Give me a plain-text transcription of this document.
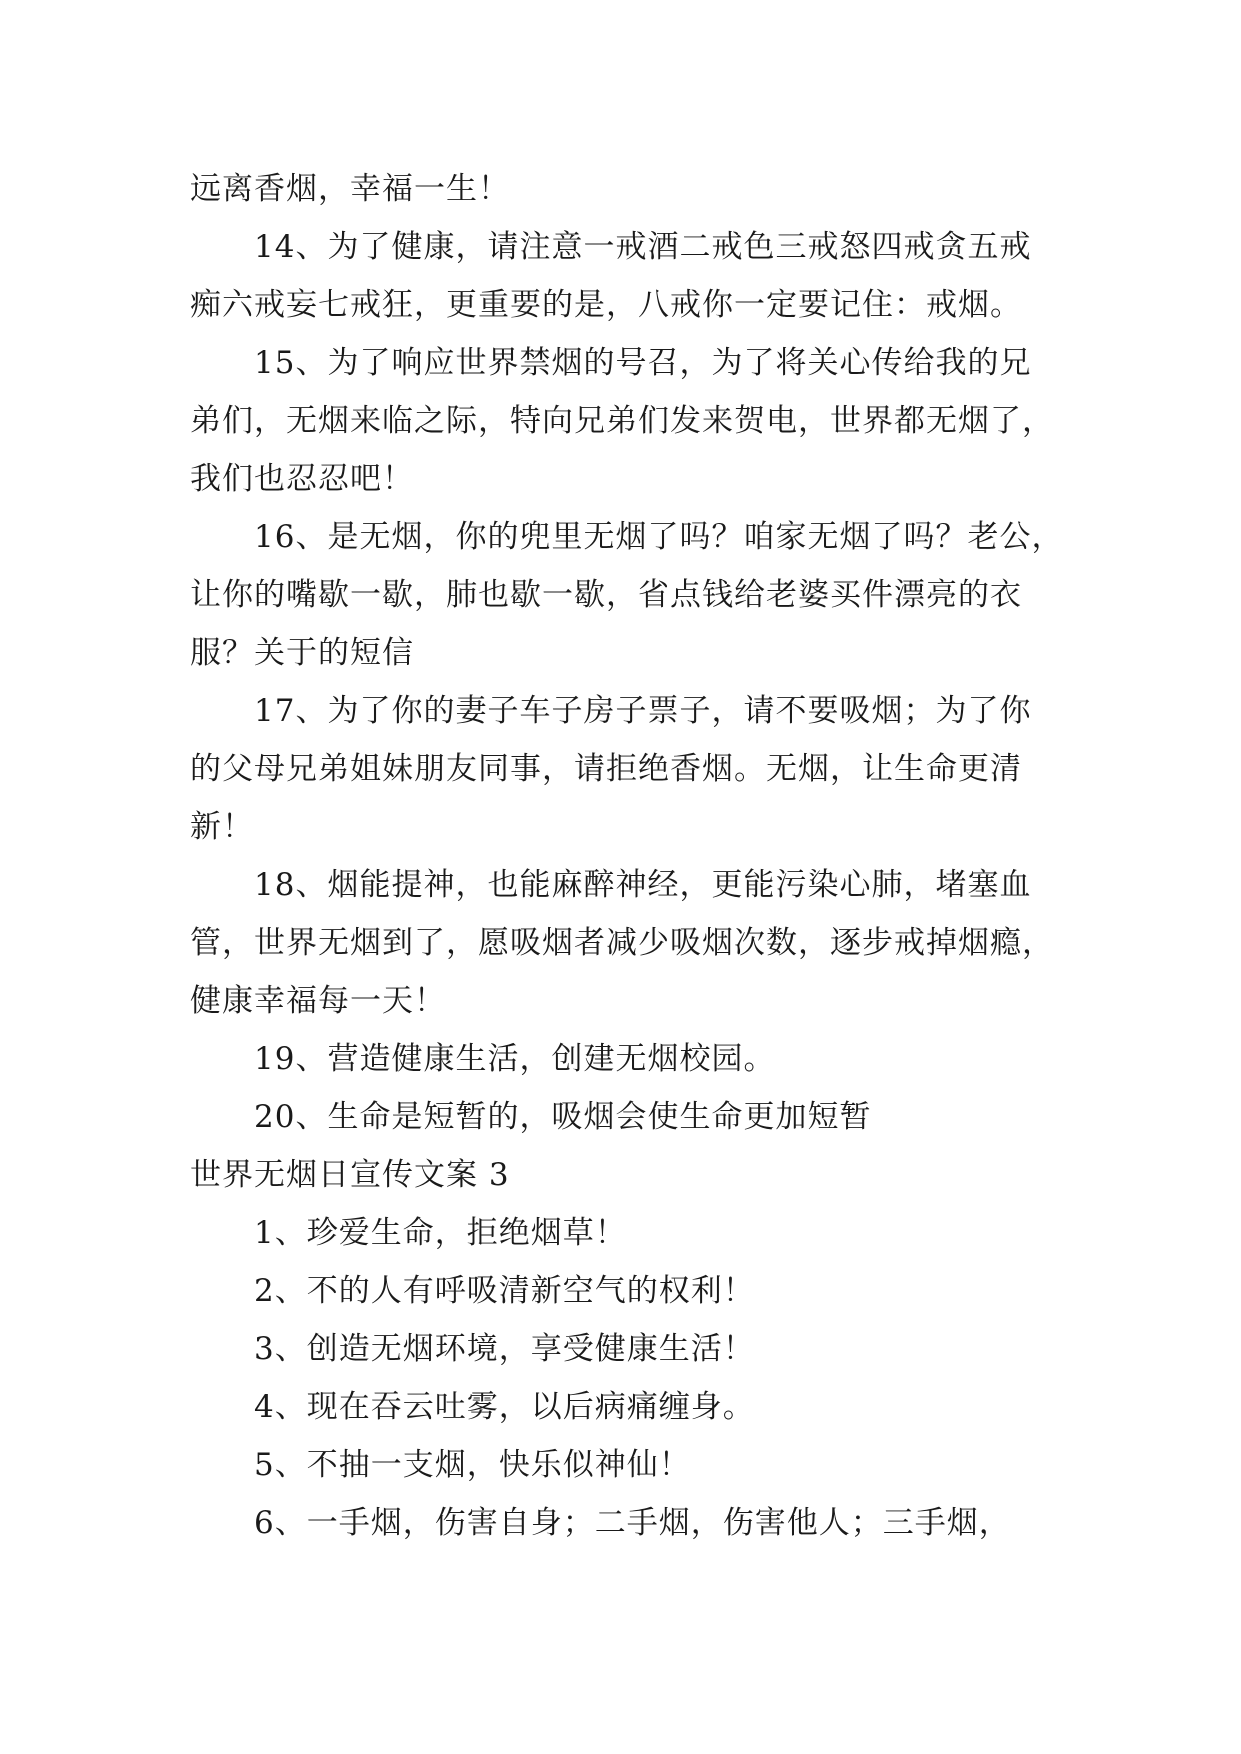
远离香烟，幸福一生！
14、为了健康，请注意一戒酒二戒色三戒怒四戒贪五戒
痴六戒妄七戒狂，更重要的是，八戒你一定要记住：戒烟。
15、为了响应世界禁烟的号召，为了将关心传给我的兄
弟们，无烟来临之际，特向兄弟们发来贺电，世界都无烟了，
我们也忍忍吧！
16、是无烟，你的兜里无烟了吗？咱家无烟了吗？老公，
让你的嘴歇一歇，肺也歇一歇，省点钱给老婆买件漂亮的衣
服？关于的短信
17、为了你的妻子车子房子票子，请不要吸烟；为了你
的父母兄弟姐妹朋友同事，请拒绝香烟。无烟，让生命更清
新！
18、烟能提神，也能麻醉神经，更能污染心肺，堵塞血
管，世界无烟到了，愿吸烟者减少吸烟次数，逐步戒掉烟瘾，
健康幸福每一天！
19、营造健康生活，创建无烟校园。
20、生命是短暂的，吸烟会使生命更加短暂
世界无烟日宣传文案 3
1、珍爱生命，拒绝烟草！
2、不的人有呼吸清新空气的权利！
3、创造无烟环境，享受健康生活！
4、现在吞云吐雾，以后病痛缠身。
5、不抽一支烟，快乐似神仙！
6、一手烟，伤害自身；二手烟，伤害他人；三手烟，
